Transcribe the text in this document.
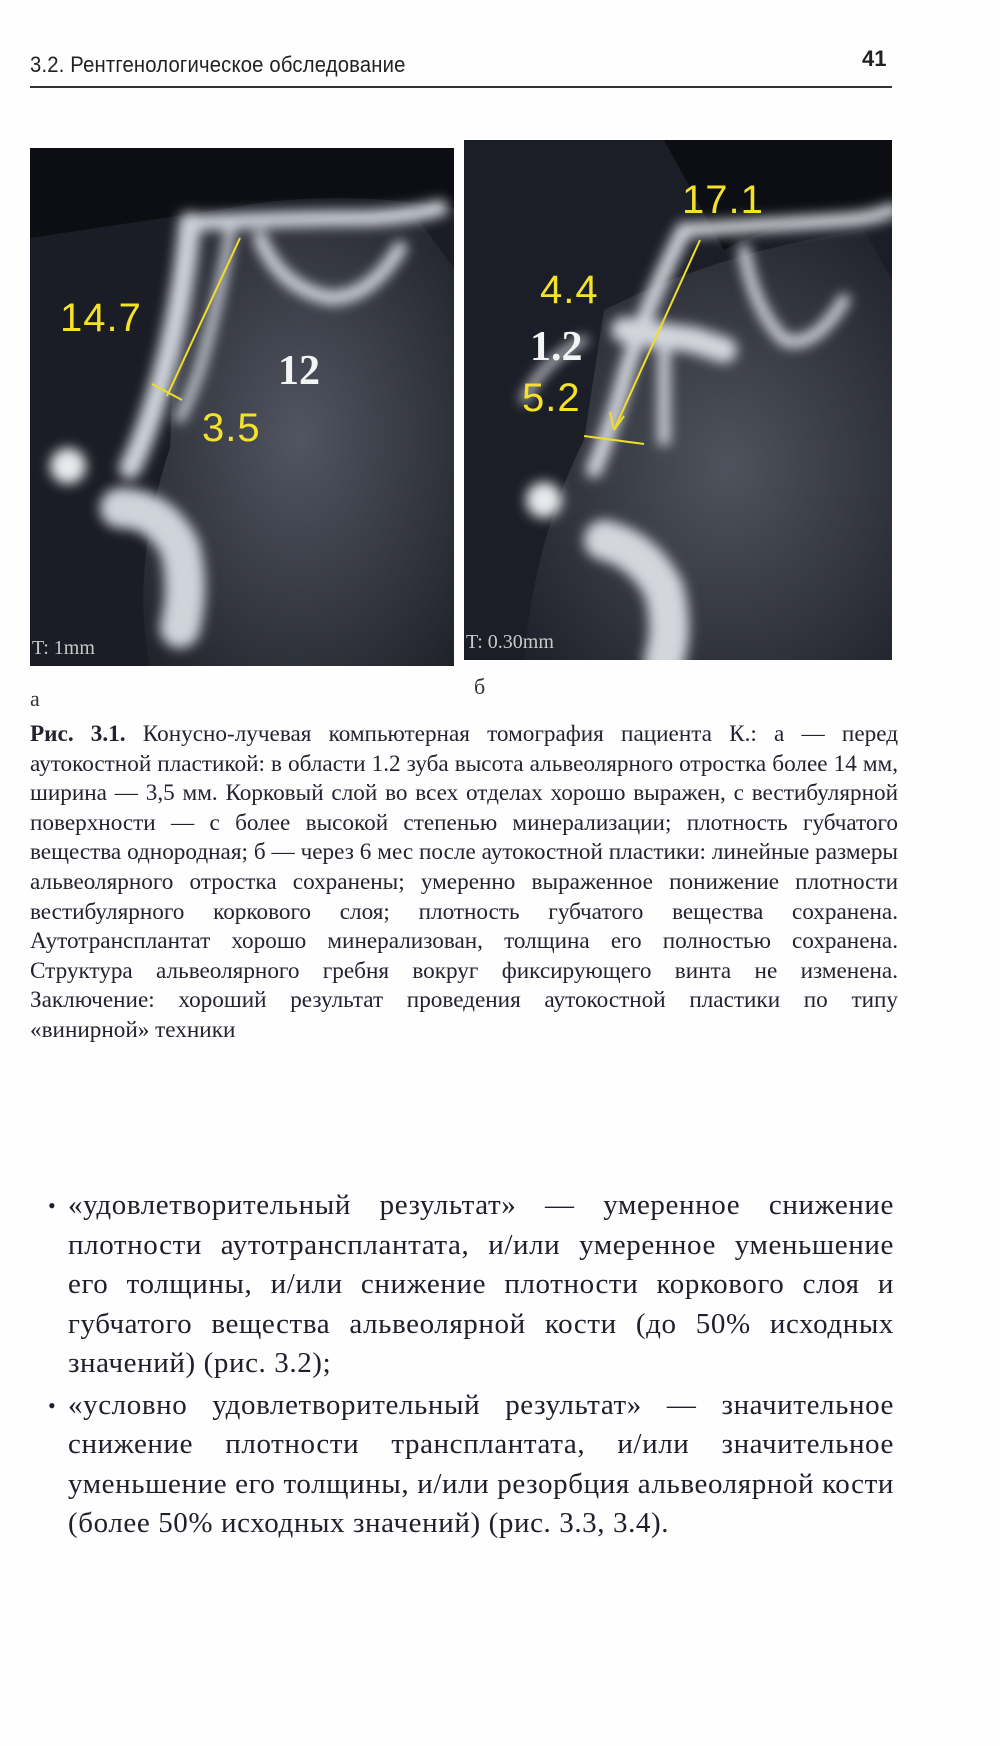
3.2. Рентгенологическое обследование	41
14.7
3.5
12
T: 1mm
17.1
4.4
1.2
5.2
T: 0.30mm
а	б
Рис. 3.1. Конусно-лучевая компьютерная томография пациента К.: а — перед аутокостной пластикой: в области 1.2 зуба высота альвеолярного отростка более 14 мм, ширина — 3,5 мм. Корковый слой во всех отделах хорошо выражен, с вестибулярной поверхности — с более высокой степенью минерализации; плотность губчатого вещества однородная; б — через 6 мес после аутокостной пластики: линейные размеры альвеолярного отростка сохранены; умеренно выраженное понижение плотности вестибулярного коркового слоя; плотность губчатого вещества сохранена. Аутотрансплантат хорошо минерализован, толщина его полностью сохранена. Структура альвеолярного гребня вокруг фиксирующего винта не изменена. Заключение: хороший результат проведения аутокостной пластики по типу «винирной» техники
• «удовлетворительный результат» — умеренное снижение плотности аутотрансплантата, и/или умеренное уменьшение его толщины, и/или снижение плотности коркового слоя и губчатого вещества альвеолярной кости (до 50% исходных значений) (рис. 3.2);
• «условно удовлетворительный результат» — значительное снижение плотности трансплантата, и/или значительное уменьшение его толщины, и/или резорбция альвеолярной кости (более 50% исходных значений) (рис. 3.3, 3.4).
